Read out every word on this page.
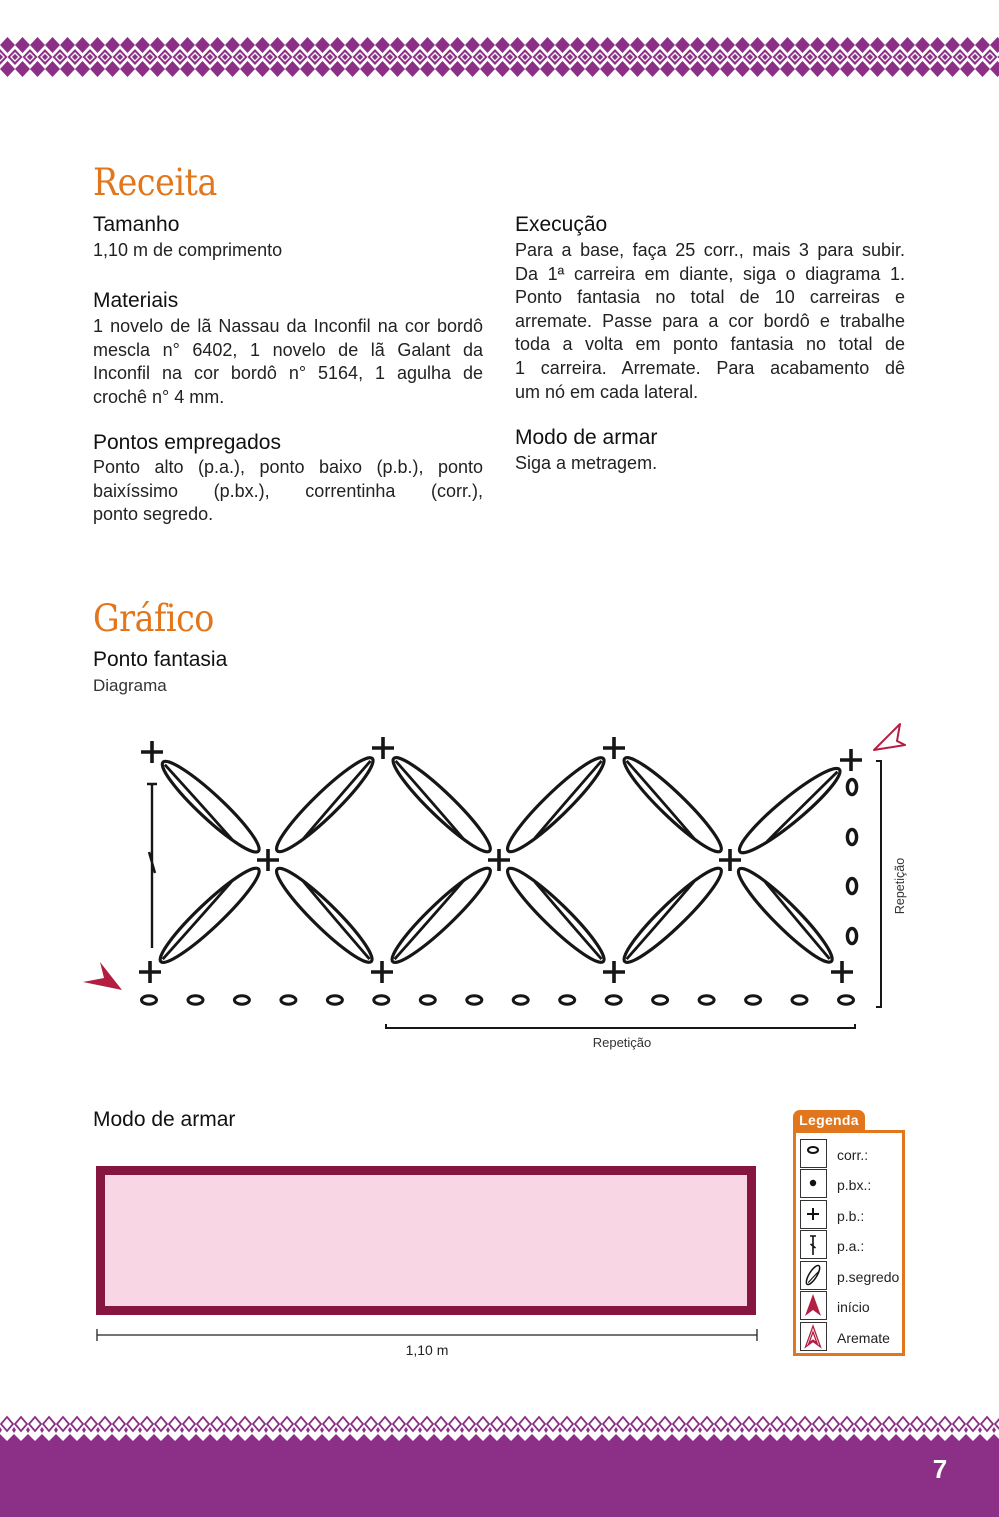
Receita
Tamanho
1,10 m de comprimento
Materiais
1 novelo de lã Nassau da Inconfil na cor bordô
mescla n° 6402, 1 novelo de lã Galant da
Inconfil na cor bordô n° 5164, 1 agulha de
crochê n° 4 mm.
Pontos empregados
Ponto alto (p.a.), ponto baixo (p.b.), ponto
baixíssimo (p.bx.), correntinha (corr.),
ponto segredo.
Execução
Para a base, faça 25 corr., mais 3 para subir.
Da 1ª carreira em diante, siga o diagrama 1.
Ponto fantasia no total de 10 carreiras e
arremate. Passe para a cor bordô e trabalhe
toda a volta em ponto fantasia no total de
1 carreira. Arremate. Para acabamento dê
um nó em cada lateral.
Modo de armar
Siga a metragem.
Gráfico
Ponto fantasia
Diagrama
Repetição
Repetição
Modo de armar
1,10 m
Legenda
corr.:
p.bx.:
p.b.:
p.a.:
p.segredo
início
Aremate
7
